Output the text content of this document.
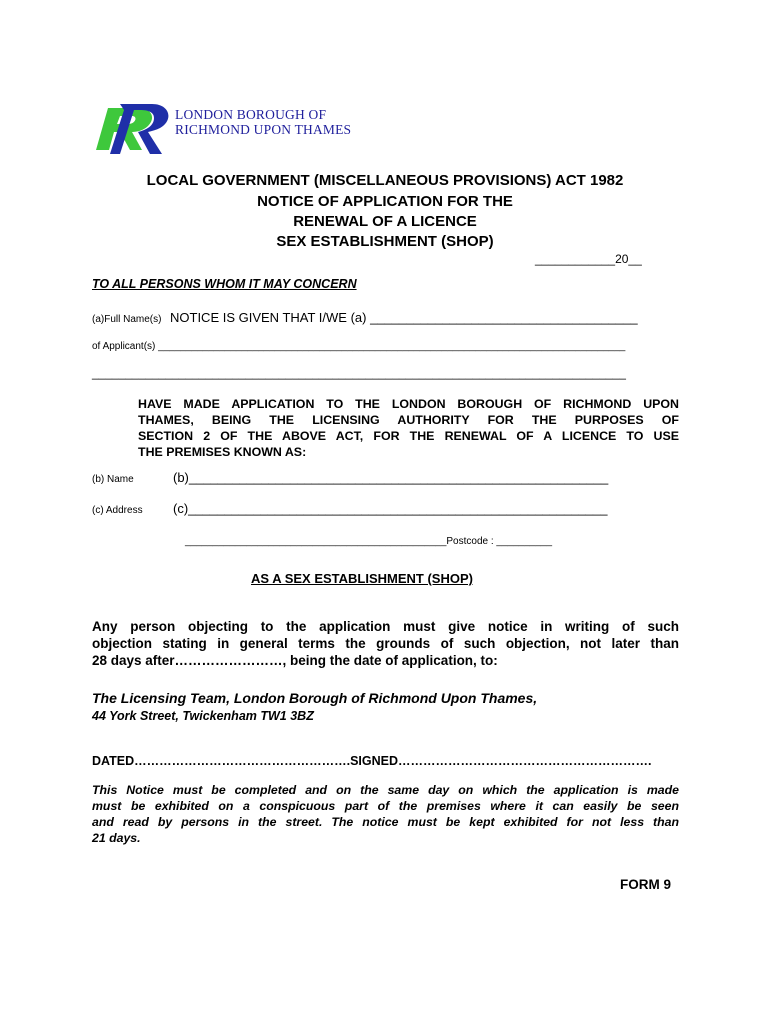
LONDON BOROUGH OF
RICHMOND UPON THAMES
LOCAL GOVERNMENT (MISCELLANEOUS PROVISIONS) ACT 1982
NOTICE OF APPLICATION FOR THE
RENEWAL OF A LICENCE
SEX ESTABLISHMENT (SHOP)
____________20__
TO ALL PERSONS WHOM IT MAY CONCERN
(a)Full Name(s) NOTICE IS GIVEN THAT I/WE (a) _____________________________________
of Applicant(s) ____________________________________________________________________________________
________________________________________________________________________________
HAVE MADE APPLICATION TO THE LONDON BOROUGH OF RICHMOND UPON
THAMES, BEING THE LICENSING AUTHORITY FOR THE PURPOSES OF
SECTION 2 OF THE ABOVE ACT, FOR THE RENEWAL OF A LICENCE TO USE
THE PREMISES KNOWN AS:
(b) Name	(b)__________________________________________________________
(c) Address (c)__________________________________________________________
_______________________________________________Postcode : __________
AS A SEX ESTABLISHMENT (SHOP)
Any person objecting to the application must give notice in writing of such
objection stating in general terms the grounds of such objection, not later than
28 days after……………………, being the date of application, to:
The Licensing Team, London Borough of Richmond Upon Thames,
44 York Street, Twickenham TW1 3BZ
DATED…………………………………………….SIGNED…………………………………………………….
This Notice must be completed and on the same day on which the application is made
must be exhibited on a conspicuous part of the premises where it can easily be seen
and read by persons in the street. The notice must be kept exhibited for not less than
21 days.
FORM 9
